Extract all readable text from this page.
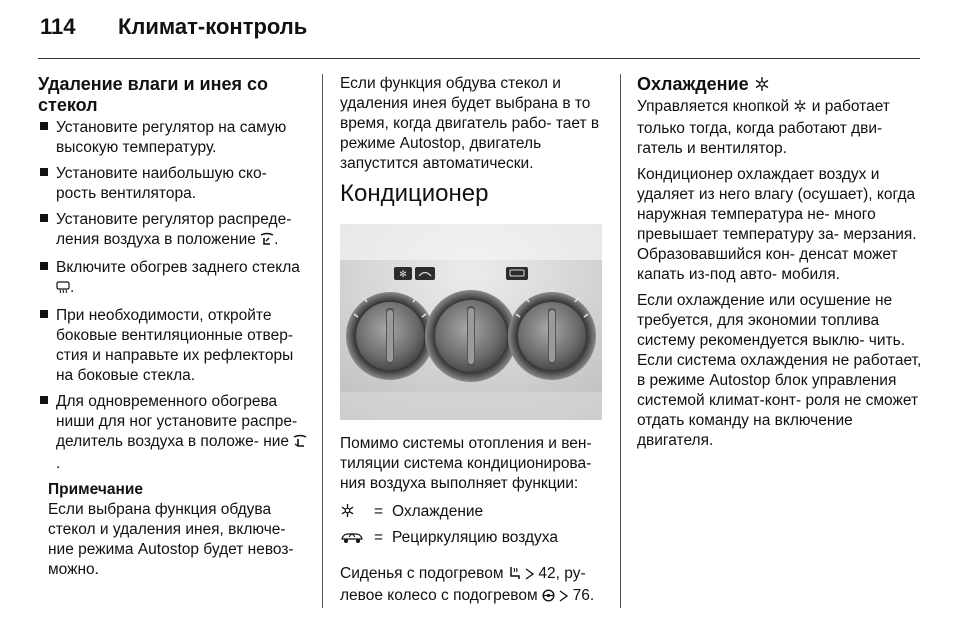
114	Климат-контроль
Удаление влаги и инея со стекол
Установите регулятор на самую высокую температуру.
Установите наибольшую ско- рость вентилятора.
Установите регулятор распреде- ления воздуха в положение .
Включите обогрев заднего стекла .
При необходимости, откройте боковые вентиляционные отвер- стия и направьте их рефлекторы на боковые стекла.
Для одновременного обогрева ниши для ног установите распре- делитель воздуха в положе- ние .
Примечание
Если выбрана функция обдува стекол и удаления инея, включе- ние режима Autostop будет невоз- можно.

Если функция обдува стекол и удаления инея будет выбрана в то время, когда двигатель рабо- тает в режиме Autostop, двигатель запустится автоматически.

Кондиционер
✻

Помимо системы отопления и вен- тиляции система кондиционирова- ния воздуха выполняет функции:

	=	Охлаждение
	=	Рециркуляцию воздуха

Сиденья с подогревом 42, ру- левое колесо с подогревом 76.

Охлаждение

Управляется кнопкой и работает только тогда, когда работают дви- гатель и вентилятор.

Кондиционер охлаждает воздух и удаляет из него влагу (осушает), когда наружная температура не- много превышает температуру за- мерзания. Образовавшийся кон- денсат может капать из-под авто- мобиля.

Если охлаждение или осушение не требуется, для экономии топлива систему рекомендуется выклю- чить. Если система охлаждения не работает, в режиме Autostop блок управления системой климат-конт- роля не сможет отдать команду на включение двигателя.
